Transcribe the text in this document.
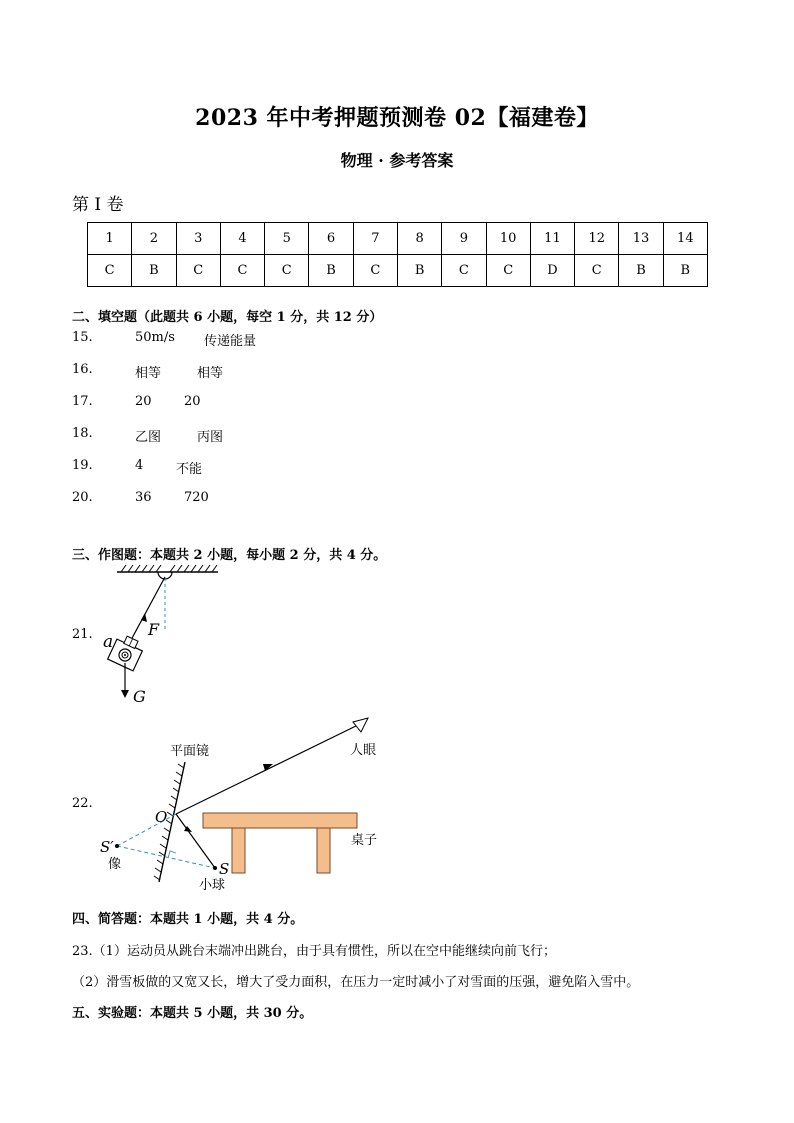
2023 年中考押题预测卷 02【福建卷】
物理 · 参考答案
第 I 卷
1	2	3	4	5	6	7	8	9	10	11	12	13	14
C	B	C	C	C	B	C	B	C	C	D	C	B	B
二、填空题（此题共 6 小题，每空 1 分，共 12 分）
15.	50m/s 传递能量
16.	相等	相等
17.	20 20
18.	乙图	丙图
19.	4	不能
20.	36 720
三、作图题：本题共 2 小题，每小题 2 分，共 4 分。
21. a
F
G
22.
平面镜	人眼
O
桌子
S′
像	S
小球
四、简答题：本题共 1 小题，共 4 分。
23.（1）运动员从跳台末端冲出跳台，由于具有惯性，所以在空中能继续向前飞行；
（2）滑雪板做的又宽又长，增大了受力面积，在压力一定时减小了对雪面的压强，避免陷入雪中。
五、实验题：本题共 5 小题，共 30 分。
